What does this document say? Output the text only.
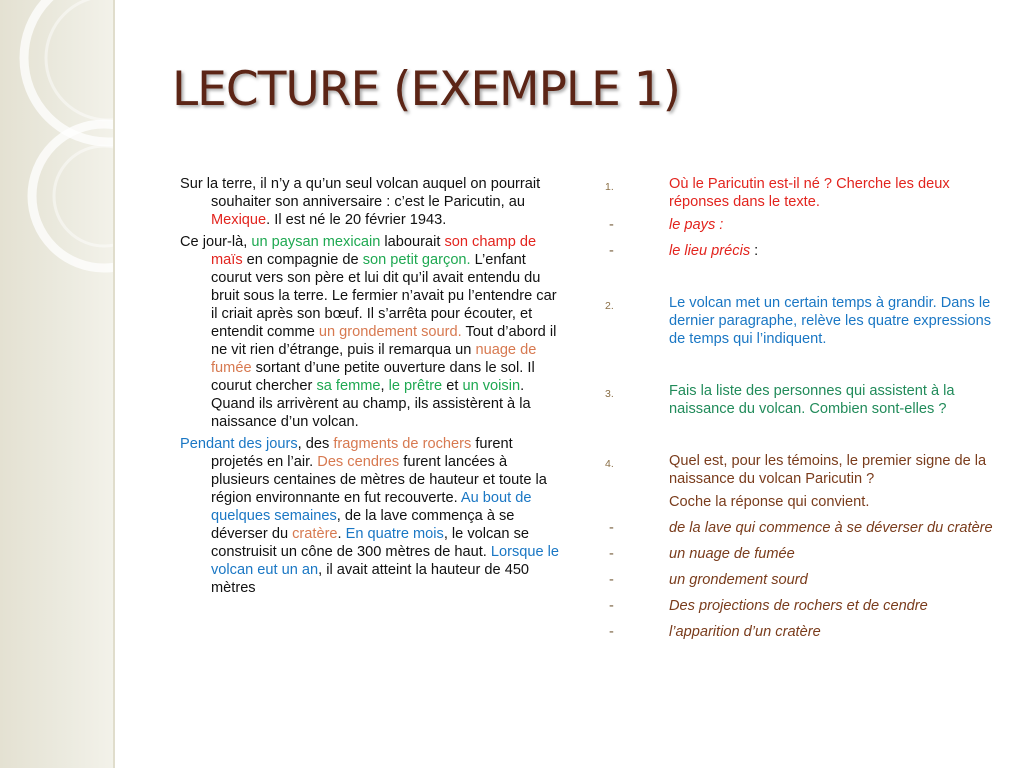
LECTURE (EXEMPLE 1)

Sur la terre, il n’y a qu’un seul volcan auquel on pourrait souhaiter son anniversaire : c’est le Paricutin, au Mexique. Il est né le 20 février 1943.

Ce jour-là, un paysan mexicain labourait son champ de maïs en compagnie de son petit garçon. L’enfant courut vers son père et lui dit qu’il avait entendu du bruit sous la terre. Le fermier n’avait pu l’entendre car il criait après son bœuf. Il s’arrêta pour écouter, et entendit comme un grondement sourd. Tout d’abord il ne vit rien d’étrange, puis il remarqua un nuage de fumée sortant d’une petite ouverture dans le sol. Il courut chercher sa femme, le prêtre et un voisin. Quand ils arrivèrent au champ, ils assistèrent à la naissance d’un volcan.

Pendant des jours, des fragments de rochers furent projetés en l’air. Des cendres furent lancées à plusieurs centaines de mètres de hauteur et toute la région environnante en fut recouverte. Au bout de quelques semaines, de la lave commença à se déverser du cratère. En quatre mois, le volcan se construisit un cône de 300 mètres de haut. Lorsque le volcan eut un an, il avait atteint la hauteur de 450 mètres

1.	Où le Paricutin est-il né ? Cherche les deux réponses dans le texte.
-	le pays :
-	le lieu précis :
2.	Le volcan met un certain temps à grandir. Dans le dernier paragraphe, relève les quatre expressions de temps qui l’indiquent.
3.	Fais la liste des personnes qui assistent à la naissance du volcan. Combien sont-elles ?
4.	Quel est, pour les témoins, le premier signe de la naissance du volcan Paricutin ?
Coche la réponse qui convient.
-	de la lave qui commence à se déverser du cratère
-	un nuage de fumée
-	un grondement sourd
-	Des projections de rochers et de cendre
-	l’apparition d’un cratère
